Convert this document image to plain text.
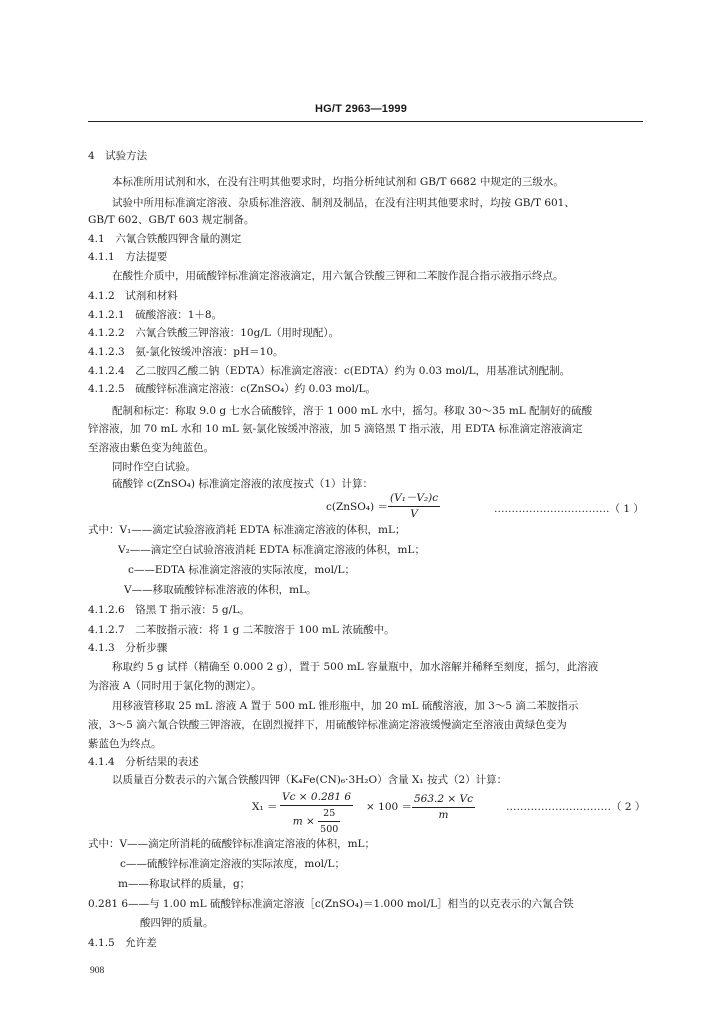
HG/T 2963—1999
4　试验方法
本标准所用试剂和水，在没有注明其他要求时，均指分析纯试剂和 GB/T 6682 中规定的三级水。
试验中所用标准滴定溶液、杂质标准溶液、制剂及制品，在没有注明其他要求时，均按 GB/T 601、
GB/T 602、GB/T 603 规定制备。
4.1　六氰合铁酸四钾含量的测定
4.1.1　方法提要
在酸性介质中，用硫酸锌标准滴定溶液滴定，用六氰合铁酸三钾和二苯胺作混合指示液指示终点。
4.1.2　试剂和材料
4.1.2.1　硫酸溶液：1＋8。
4.1.2.2　六氰合铁酸三钾溶液：10g/L（用时现配）。
4.1.2.3　氨-氯化铵缓冲溶液：pH＝10。
4.1.2.4　乙二胺四乙酸二钠（EDTA）标准滴定溶液：c(EDTA）约为 0.03 mol/L，用基准试剂配制。
4.1.2.5　硫酸锌标准滴定溶液：c(ZnSO₄）约 0.03 mol/L。
配制和标定：称取 9.0 g 七水合硫酸锌，溶于 1 000 mL 水中，摇匀。移取 30～35 mL 配制好的硫酸
锌溶液，加 70 mL 水和 10 mL 氨-氯化铵缓冲溶液，加 5 滴铬黑 T 指示液，用 EDTA 标准滴定溶液滴定
至溶液由紫色变为纯蓝色。
同时作空白试验。
硫酸锌 c(ZnSO₄) 标准滴定溶液的浓度按式（1）计算：
c(ZnSO₄) ＝ $\frac{\text{(V₁－V₂)c}}{V}$	……………………………（ 1 ）
式中：V₁——滴定试验溶液消耗 EDTA 标准滴定溶液的体积，mL；
V₂——滴定空白试验溶液消耗 EDTA 标准滴定溶液的体积，mL；
c——EDTA 标准滴定溶液的实际浓度，mol/L；
V——移取硫酸锌标准溶液的体积，mL。
4.1.2.6　铬黑 T 指示液：5 g/L。
4.1.2.7　二苯胺指示液：将 1 g 二苯胺溶于 100 mL 浓硫酸中。
4.1.3　分析步骤
称取约 5 g 试样（精确至 0.000 2 g），置于 500 mL 容量瓶中，加水溶解并稀释至刻度，摇匀，此溶液
为溶液 A（同时用于氯化物的测定）。
用移液管移取 25 mL 溶液 A 置于 500 mL 锥形瓶中，加 20 mL 硫酸溶液，加 3～5 滴二苯胺指示
液，3～5 滴六氰合铁酸三钾溶液，在剧烈搅拌下，用硫酸锌标准滴定溶液缓慢滴定至溶液由黄绿色变为
紫蓝色为终点。
4.1.4　分析结果的表述
以质量百分数表示的六氰合铁酸四钾（K₄Fe(CN)₆·3H₂O）含量 X₁ 按式（2）计算：
$X_1 = \frac{Vc \times 0.281 6}{m \times \frac{25}{500}} \times 100 = \frac{563.2 \times Vc}{m}$	…………………………（ 2 ）
式中：V——滴定所消耗的硫酸锌标准滴定溶液的体积，mL；
c——硫酸锌标准滴定溶液的实际浓度，mol/L；
m——称取试样的质量，g；
0.281 6——与 1.00 mL 硫酸锌标准滴定溶液［c(ZnSO₄)＝1.000 mol/L］相当的以克表示的六氰合铁
酸四钾的质量。
4.1.5　允许差
908
